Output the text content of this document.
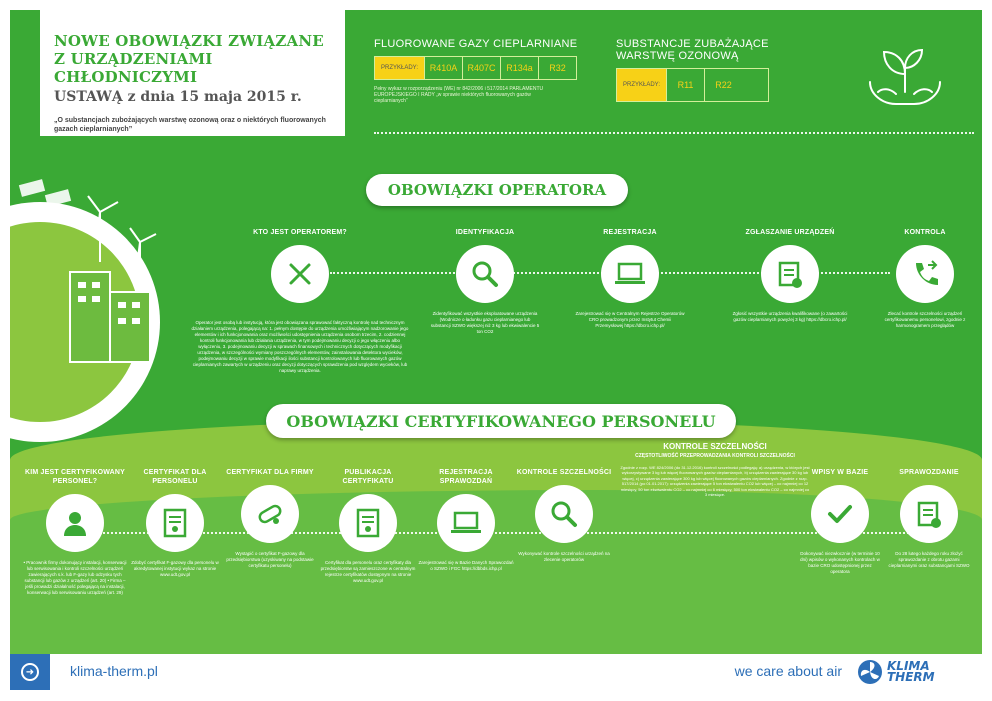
NOWE OBOWIĄZKI ZWIĄZANE
Z URZĄDZENIAMI CHŁODNICZYMI
USTAWĄ z dnia 15 maja 2015 r.
„O substancjach zubożających warstwę ozonową oraz o niektórych fluorowanych gazach cieplarnianych”
FLUOROWANE GAZY CIEPLARNIANE
PRZYKŁADY:	R410A	R407C	R134a	R32
Pełny wykaz w rozporządzeniu (WE) nr 842/2006 i 517/2014 PARLAMENTU EUROPEJSKIEGO I RADY „w sprawie niektórych fluorowanych gazów cieplarnianych”
SUBSTANCJE ZUBAŻAJĄCE
WARSTWĘ OZONOWĄ
PRZYKŁADY:	R11	R22
OBOWIĄZKI OPERATORA
KTO JEST OPERATOREM?
Operator jest osobą lub instytucją, która jest obowiązana sprawować faktyczną kontrolę nad technicznym działaniem urządzenia, polegającą na: 1. pełnym dostępie do urządzenia umożliwiającym nadzorowanie jego elementów i ich funkcjonowania oraz możliwości udostępnienia urządzenia osobom trzecim, 2. codziennej kontroli funkcjonowania lub działania urządzenia, w tym podejmowaniu decyzji o jego włączeniu albo wyłączeniu, 3. podejmowaniu decyzji w sprawach finansowych i technicznych dotyczących modyfikacji urządzenia, w szczególności wymiany poszczególnych elementów, zainstalowania detektora wycieków, podejmowaniu decyzji w sprawie modyfikacji ilości substancji kontrolowanych lub fluorowanych gazów cieplarnianych zawartych w urządzeniu oraz decyzji dotyczących sprawdzenia pod względem wycieków, lub naprawy urządzenia.
IDENTYFIKACJA
Zidentyfikować wszystkie eksploatowane urządzenia (Wodnicze o ładunku gazu cieplarnianego lub substancji SZWO większej niż 3 kg lub ekwiwalencie 5 ton CO2
REJESTRACJA
Zarejestrować się w Centralnym Rejestrze Operatorów CRO prowadzonym przez Instytut Chemii Przemysłowej https://dbcro.ichp.pl/
ZGŁASZANIE URZĄDZEŃ
Zgłosić wszystkie urządzenia kwalifikowane (o zawartości gazów cieplarnianych powyżej 3 kg) https://dbcro.ichp.pl/
KONTROLA
Zlecać kontrole szczelności urządzeń certyfikowanemu personelowi, zgodnie z harmonogramem przeglądów
OBOWIĄZKI CERTYFIKOWANEGO PERSONELU
KIM JEST CERTYFIKOWANY PERSONEL?
• Pracownik firmy dokonujący instalacji, konserwacji lub serwisowania i kontroli szczelności urządzeń zawierających s.k. lub F-gazy lub odzysku tych substancji lub gazów z urządzeń (art. 20) • Firma – jeśli prowadzi działalność polegającą na instalacji, konserwacji lub serwisowaniu urządzeń (art. 29)
CERTYFIKAT DLA PERSONELU
Zdobyć certyfikat F-gazowy dla personelu w akredytowanej instytucji wykaz na stronie www.udt.gov.pl
CERTYFIKAT DLA FIRMY
Wystąpić o certyfikat F-gazowy dla przedsiębiorstwa (uzyskiwany na podstawie certyfikatu personelu)
PUBLIKACJA CERTYFIKATU
Certyfikat dla personelu oraz certyfikaty dla przedsiębiorstw są zamieszczone w centralnym rejestrze certyfikatów dostępnym na stronie www.udt.gov.pl
REJESTRACJA SPRAWOZDAŃ
Zarejestrować się w Bazie Danych Sprawozdań o SZWO i FGC https://dbbds.ichp.pl
KONTROLE SZCZELNOŚCI
Wykonywać kontrole szczelności urządzeń na zlecenie operatorów
KONTROLE SZCZELNOŚCI
CZĘSTOTLIWOŚĆ PRZEPROWADZANIA KONTROLI SZCZELNOŚCI
Zgodnie z rozp. WE 824/2006 (do 31.12.2016) kontroli szczelności podlegają: a) urządzenia, w których jest wykorzystywane 3 kg lub więcej fluorowanych gazów cieplarnianych, b) urządzenia zawierające 30 kg lub więcej, c) urządzenia zawierające 300 kg lub więcej fluorowanych gazów cieplarnianych. Zgodnie z rozp. 517/2014 (po 01.01.2017): urządzenia zawierające 5 ton ekwiwalentu CO2 lub więcej – co najmniej co 12 miesięcy, 50 ton ekwiwalentu CO2 – co najmniej co 6 miesięcy, 500 ton ekwiwalentu CO2 – co najmniej co 3 miesiące.
WPISY W BAZIE
Dokonywać niezwłocznie (w terminie 10 dni) wpisów o wykonanych kontrolach w bazie CRO udostępnionej przez operatora
SPRAWOZDANIE
Do 28 lutego każdego roku złożyć sprawozdanie z obrotu gazami cieplarnianymi oraz substancjami SZWO
➜	klima-therm.pl	we care about air	KLIMA
THERM
